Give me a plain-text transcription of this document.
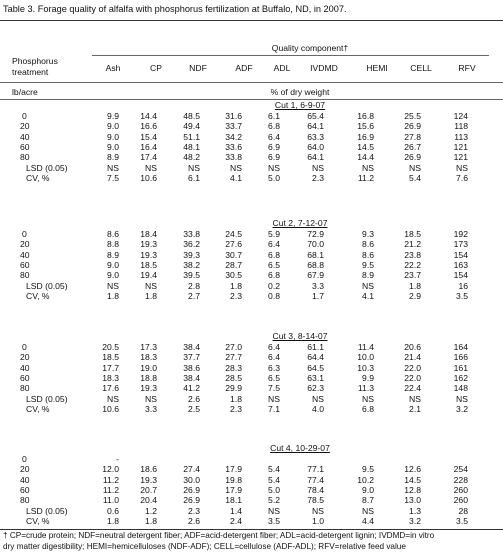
Table 3. Forage quality of alfalfa with phosphorus fertilization at Buffalo, ND, in 2007.
Quality component†
Phosphorus
treatment	Ash	CP	NDF	ADF ADL IVDMD	HEMI	CELL	RFV
lb/acre	% of dry weight
Cut 1, 6-9-07
0	9.9	14.4	48.5	31.6	6.1	65.4	16.8	25.5	124
20	9.0	16.6	49.4	33.7	6.8	64.1	15.6	26.9	118
40	9.0	15.4	51.1	34.2	6.4	63.3	16.9	27.8	113
60	9.0	16.4	48.1	33.6	6.9	64.0	14.5	26.7	121
80	8.9	17.4	48.2	33.8	6.9	64.1	14.4	26.9	121
LSD (0.05)	NS	NS	NS	NS	NS	NS	NS	NS	NS
CV, %	7.5	10.6	6.1	4.1	5.0	2.3	11.2	5.4	7.6
Cut 2, 7-12-07
0	8.6	18.4	33.8	24.5	5.9	72.9	9.3	18.5	192
20	8.8	19.3	36.2	27.6	6.4	70.0	8.6	21.2	173
40	8.9	19.3	39.3	30.7	6.8	68.1	8.6	23.8	154
60	9.0	18.5	38.2	28.7	6.5	68.8	9.5	22.2	163
80	9.0	19.4	39.5	30.5	6.8	67.9	8.9	23.7	154
LSD (0.05)	NS	NS	2.8	1.8	0.2	3.3	NS	1.8	16
CV, %	1.8	1.8	2.7	2.3	0.8	1.7	4.1	2.9	3.5
Cut 3, 8-14-07
0	20.5	17.3	38.4	27.0	6.4	61.1	11.4	20.6	164
20	18.5	18.3	37.7	27.7	6.4	64.4	10.0	21.4	166
40	17.7	19.0	38.6	28.3	6.3	64.5	10.3	22.0	161
60	18.3	18.8	38.4	28.5	6.5	63.1	9.9	22.0	162
80	17.6	19.3	41.2	29.9	7.5	62.3	11.3	22.4	148
LSD (0.05)	NS	NS	2.6	1.8	NS	NS	NS	NS	NS
CV, %	10.6	3.3	2.5	2.3	7.1	4.0	6.8	2.1	3.2
Cut 4, 10-29-07
0	-
20	12.0	18.6	27.4	17.9	5.4	77.1	9.5	12.6	254
40	11.2	19.3	30.0	19.8	5.4	77.4	10.2	14.5	228
60	11.2	20.7	26.9	17.9	5.0	78.4	9.0	12.8	260
80	11.0	20.4	26.9	18.1	5.2	78.5	8.7	13.0	260
LSD (0.05)	0.6	1.2	2.3	1.4	NS	NS	NS	1.3	28
CV, %	1.8	1.8	2.6	2.4	3.5	1.0	4.4	3.2	3.5
† CP=crude protein; NDF=neutral detergent fiber; ADF=acid-detergent fiber; ADL=acid-detergent lignin; IVDMD=in vitro
dry matter digestibility; HEMI=hemicelluloses (NDF-ADF); CELL=cellulose (ADF-ADL); RFV=relative feed value
